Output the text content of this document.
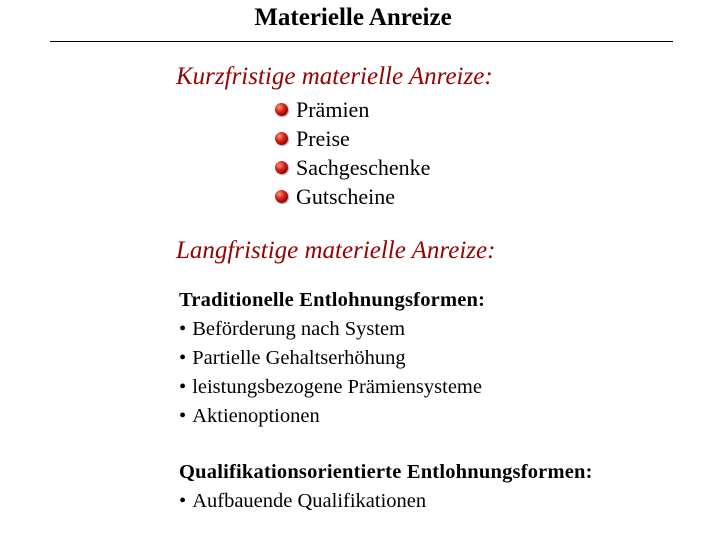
Materielle Anreize
Kurzfristige materielle Anreize:
Prämien
Preise
Sachgeschenke
Gutscheine
Langfristige materielle Anreize:
Traditionelle Entlohnungsformen:
• Beförderung nach System
• Partielle Gehaltserhöhung
• leistungsbezogene Prämiensysteme
• Aktienoptionen
Qualifikationsorientierte Entlohnungsformen:
• Aufbauende Qualifikationen
